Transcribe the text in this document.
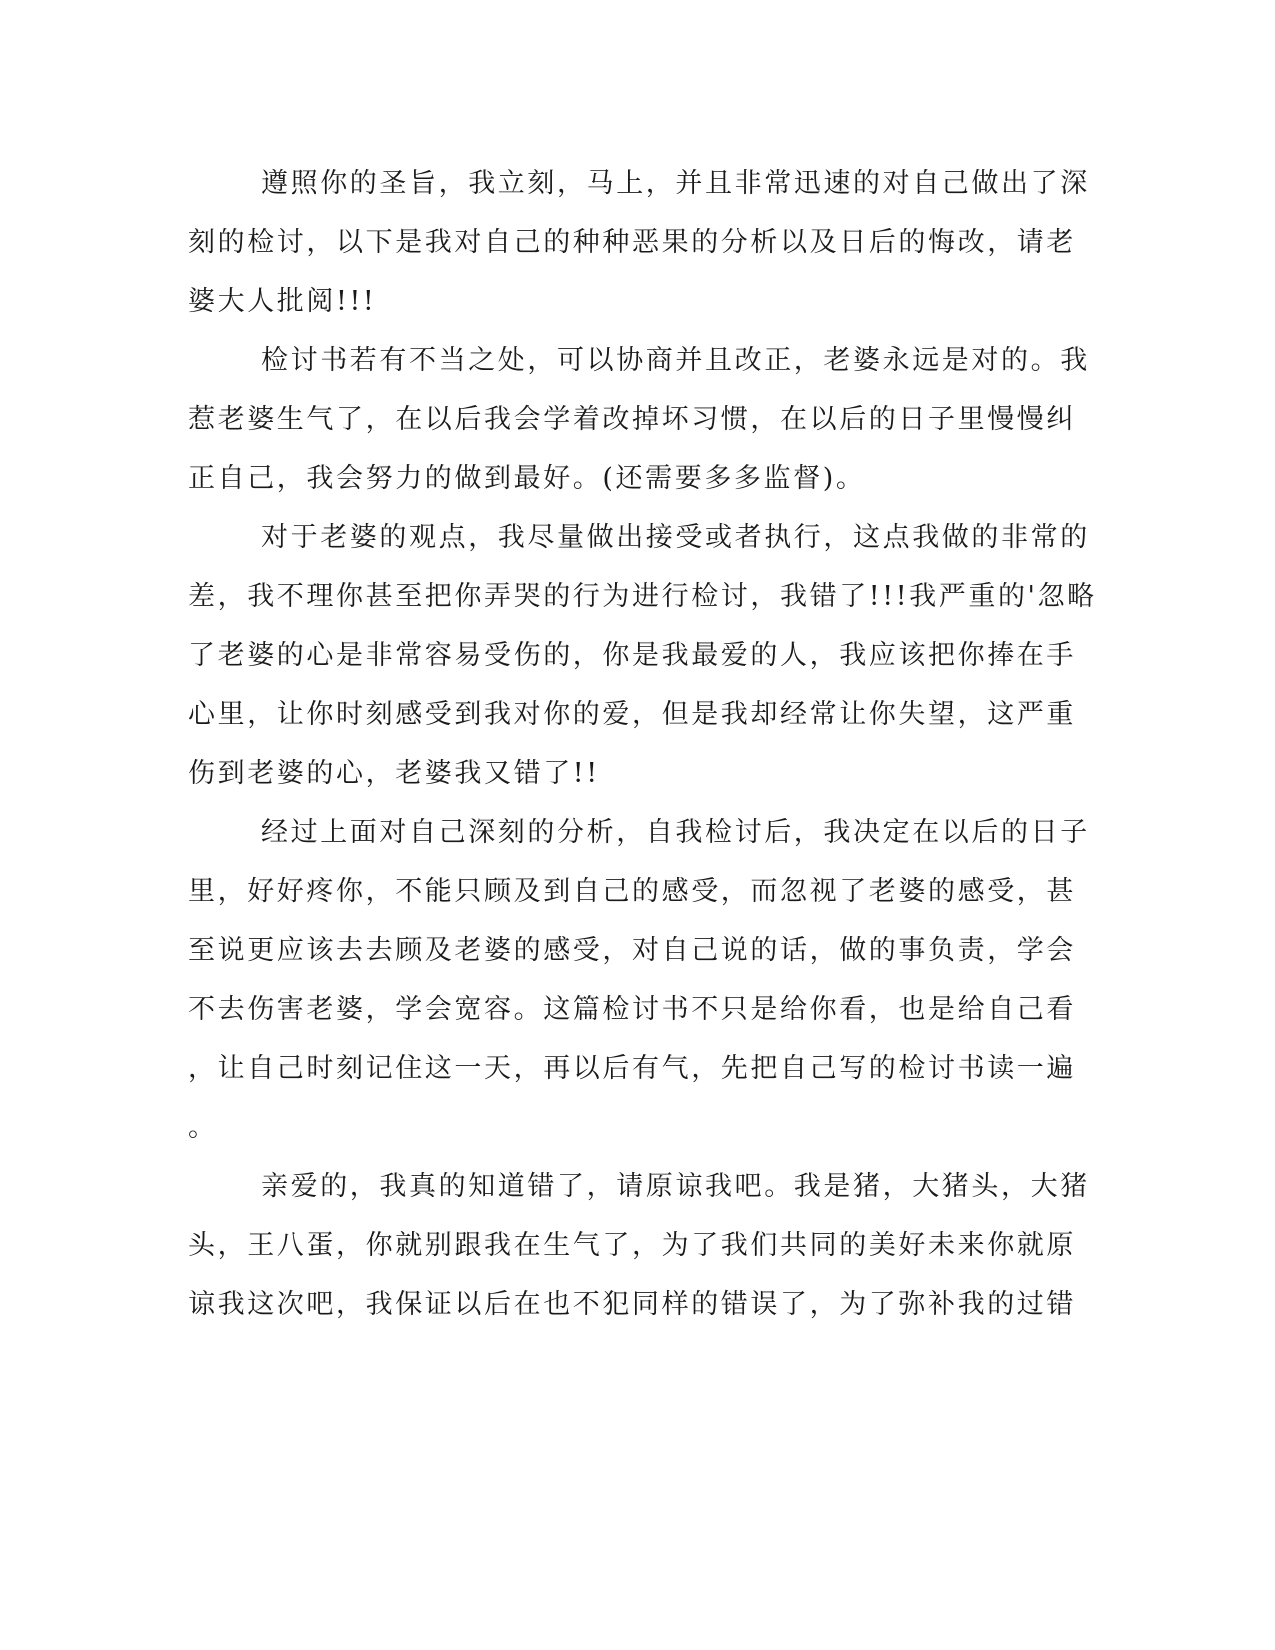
遵照你的圣旨，我立刻，马上，并且非常迅速的对自己做出了深
刻的检讨，以下是我对自己的种种恶果的分析以及日后的悔改，请老
婆大人批阅!!!
检讨书若有不当之处，可以协商并且改正，老婆永远是对的。我
惹老婆生气了，在以后我会学着改掉坏习惯，在以后的日子里慢慢纠
正自己，我会努力的做到最好。(还需要多多监督)。
对于老婆的观点，我尽量做出接受或者执行，这点我做的非常的
差，我不理你甚至把你弄哭的行为进行检讨，我错了!!!我严重的'忽略
了老婆的心是非常容易受伤的，你是我最爱的人，我应该把你捧在手
心里，让你时刻感受到我对你的爱，但是我却经常让你失望，这严重
伤到老婆的心，老婆我又错了!!
经过上面对自己深刻的分析，自我检讨后，我决定在以后的日子
里，好好疼你，不能只顾及到自己的感受，而忽视了老婆的感受，甚
至说更应该去去顾及老婆的感受，对自己说的话，做的事负责，学会
不去伤害老婆，学会宽容。这篇检讨书不只是给你看，也是给自己看
，让自己时刻记住这一天，再以后有气，先把自己写的检讨书读一遍
。
亲爱的，我真的知道错了，请原谅我吧。我是猪，大猪头，大猪
头，王八蛋，你就别跟我在生气了，为了我们共同的美好未来你就原
谅我这次吧，我保证以后在也不犯同样的错误了，为了弥补我的过错
